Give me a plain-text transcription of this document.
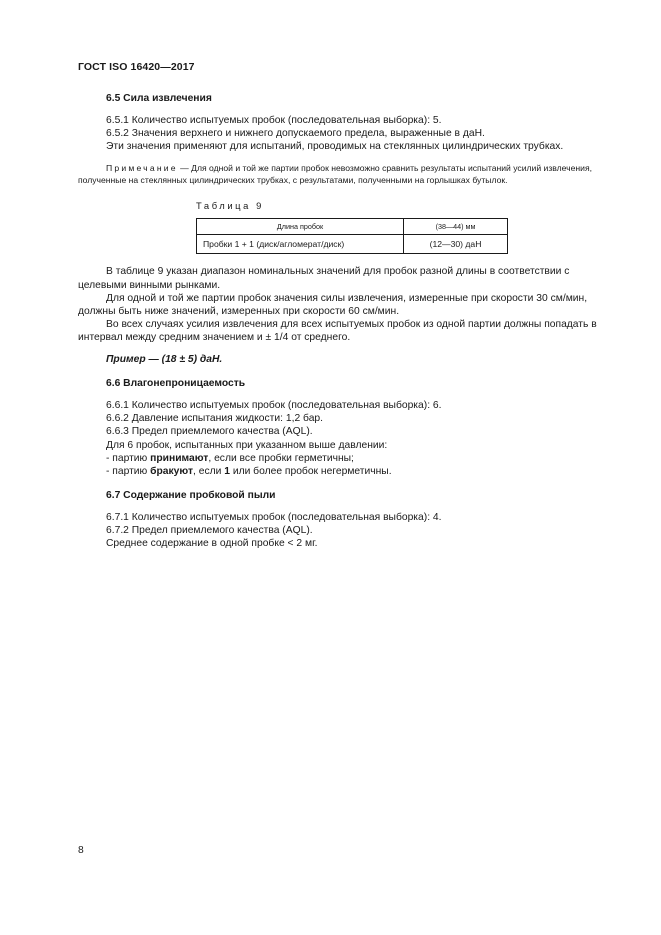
ГОСТ ISO 16420—2017

6.5 Сила извлечения

6.5.1 Количество испытуемых пробок (последовательная выборка): 5.

6.5.2 Значения верхнего и нижнего допускаемого предела, выраженные в даН.

Эти значения применяют для испытаний, проводимых на стеклянных цилиндрических трубках.

Примечание — Для одной и той же партии пробок невозможно сравнить результаты испытаний усилий извлечения, полученные на стеклянных цилиндрических трубках, с результатами, полученными на горлышках бутылок.

Таблица 9

Длина пробок	(38—44) мм
Пробки 1 + 1 (диск/агломерат/диск)	(12—30) даН

В таблице 9 указан диапазон номинальных значений для пробок разной длины в соответствии с целевыми винными рынками.

Для одной и той же партии пробок значения силы извлечения, измеренные при скорости 30 см/мин, должны быть ниже значений, измеренных при скорости 60 см/мин.

Во всех случаях усилия извлечения для всех испытуемых пробок из одной партии должны попадать в интервал между средним значением и ± 1/4 от среднего.

Пример — (18 ± 5) даН.

6.6 Влагонепроницаемость

6.6.1 Количество испытуемых пробок (последовательная выборка): 6.

6.6.2 Давление испытания жидкости: 1,2 бар.

6.6.3 Предел приемлемого качества (AQL).

Для 6 пробок, испытанных при указанном выше давлении:

- партию принимают, если все пробки герметичны;

- партию бракуют, если 1 или более пробок негерметичны.

6.7 Содержание пробковой пыли

6.7.1 Количество испытуемых пробок (последовательная выборка): 4.

6.7.2 Предел приемлемого качества (AQL).

Среднее содержание в одной пробке < 2 мг.

8
